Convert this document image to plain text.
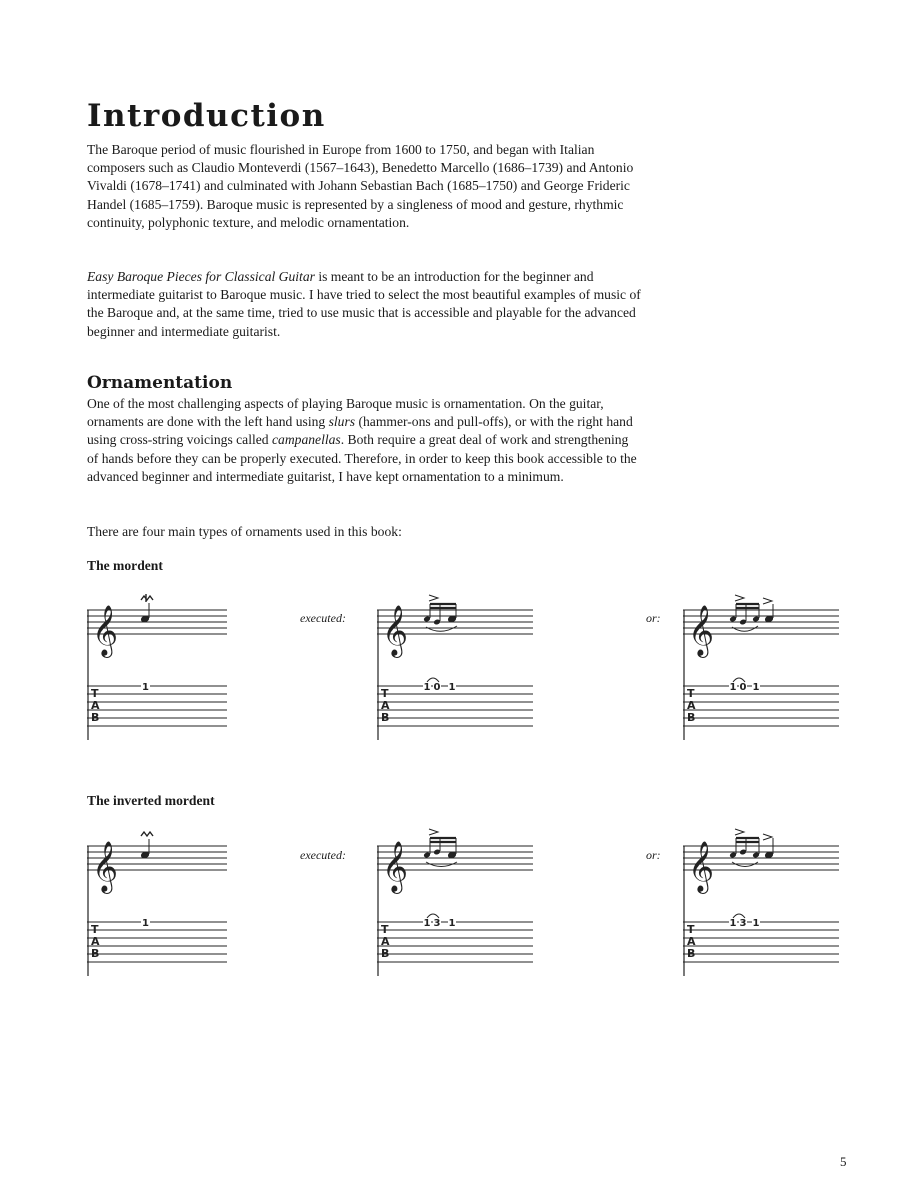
Introduction

The Baroque period of music flourished in Europe from 1600 to 1750, and began with Italian composers such as Claudio Monteverdi (1567–1643), Benedetto Marcello (1686–1739) and Antonio Vivaldi (1678–1741) and culminated with Johann Sebastian Bach (1685–1750) and George Frideric Handel (1685–1759). Baroque music is represented by a singleness of mood and gesture, rhythmic continuity, polyphonic texture, and melodic ornamentation.

Easy Baroque Pieces for Classical Guitar is meant to be an introduction for the beginner and intermediate guitarist to Baroque music. I have tried to select the most beautiful examples of music of the Baroque and, at the same time, tried to use music that is accessible and playable for the advanced beginner and intermediate guitarist.

Ornamentation

One of the most challenging aspects of playing Baroque music is ornamentation. On the guitar, ornaments are done with the left hand using slurs (hammer-ons and pull-offs), or with the right hand using cross-string voicings called campanellas. Both require a great deal of work and strengthening of hands before they can be properly executed. Therefore, in order to keep this book accessible to the advanced beginner and intermediate guitarist, I have kept ornamentation to a minimum.

There are four main types of ornaments used in this book:

The mordent

The inverted mordent

executed:	or:
executed:	or:
𝄞
T
A
B
1
𝄞
T
A
B
1 0 1
𝄞
T
A
B
1 0 1
𝄞
T
A
B
1
𝄞
T
A
B
1 3 1
𝄞
T
A
B
1 3 1
5
